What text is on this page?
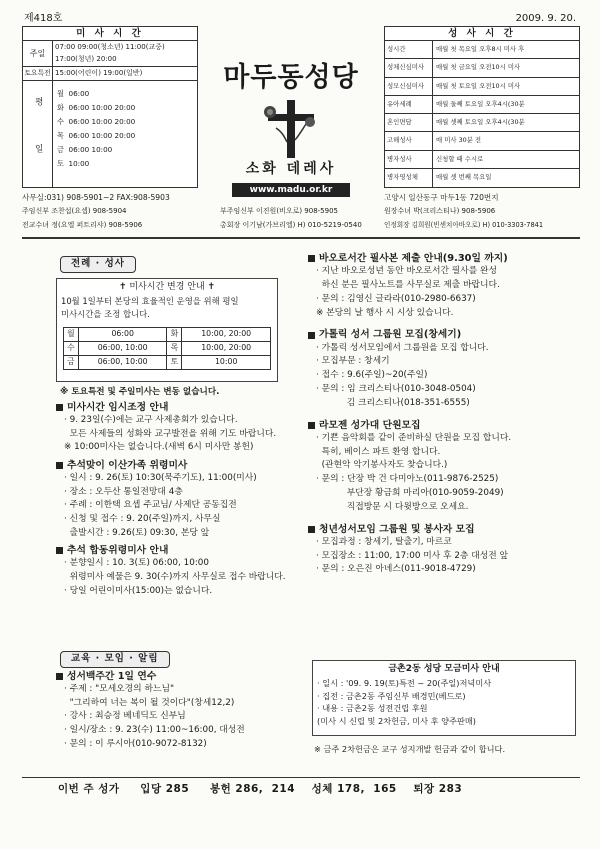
제418호	2009. 9. 20.
미 사 시 간
주일
07:00 09:00(청소년) 11:00(교중)
17:00(청년) 20:00
토요특전 15:00(어린이) 19:00(일반)
평 일
월 06:00
화 06:00 10:00 20:00
수 06:00 10:00 20:00
목 06:00 10:00 20:00
금 06:00 10:00
토 10:00
마두동성당
소화 데레사
www.madu.or.kr
성 사 시 간
성시간	매월 첫 목요일 오후8시 미사 후
성체신심미사	매월 첫 금요일 오전10시 미사
성모신심미사	매월 첫 토요일 오전10시 미사
유아세례	매월 둘째 토요일 오후4시(30분
혼인면담	매월 셋째 토요일 오후4시(30분
고해성사	매 미사 30분 전
병자성사	신청할 때 수시로
병자영성체	매월 셋 번째 목요일
사무실:031) 908-5901~2 FAX:908-5903	고양시 일산동구 마두1동 720번지
주임신부 조찬섭(요셉) 908-5904	부주임신부 이진원(비오로) 908-5905	원장수녀 박(크리스티나) 908-5906
전교수녀 정(요엘 퍼트리샤) 908-5906	총회장 이기남(가브리엘) H) 010-5219-0540	인정회장 김희원(빈센치아바오로) H) 010-3303-7841
전례 · 성사
✝ 미사시간 변경 안내 ✝
10월 1일부터 본당의 효율적인 운영을 위해 평일
미사시간을 조정 합니다.
월	06:00	화	10:00, 20:00
수	06:00, 10:00	목	10:00, 20:00
금	06:00, 10:00	토	10:00
※ 토요특전 및 주일미사는 변동 없습니다.
미사시간 임시조정 안내
· 9. 23일(수)에는 교구 사제총회가 있습니다.
모든 사제들의 성화와 교구발전을 위해 기도 바랍니다.
※ 10:00미사는 없습니다.(새벽 6시 미사만 봉헌)
추석맞이 이산가족 위령미사
· 일시 : 9. 26(토) 10:30(묵주기도), 11:00(미사)
· 장소 : 오두산 통일전망대 4층
· 주례 : 이한택 요셉 주교님/ 사제단 공동집전
· 신청 및 접수 : 9. 20(주일)까지, 사무실
출발시간 : 9.26(토) 09:30, 본당 앞
추석 합동위령미사 안내
· 분향일시 : 10. 3(토) 06:00, 10:00
위령미사 예물은 9. 30(수)까지 사무실로 접수 바랍니다.
· 당일 어린이미사(15:00)는 없습니다.
교육 · 모임 · 알림
성서백주간 1일 연수
· 주제 : "모세오경의 하느님"
"그리하여 너는 복이 될 것이다"(창세12,2)
· 강사 : 최승정 베네딕도 신부님
· 일시/장소 : 9. 23(수) 11:00~16:00, 대성전
· 문의 : 이 루시아(010-9072-8132)
바오로서간 필사본 제출 안내(9.30일 까지)
· 지난 바오로성년 동안 바오로서간 필사를 완성
하신 분은 필사노트를 사무실로 제출 바랍니다.
· 문의 : 김영신 글라라(010-2980-6637)
※ 본당의 날 행사 시 시상 있습니다.
가톨릭 성서 그룹원 모집(창세기)
· 가톨릭 성서모임에서 그룹원을 모집 합니다.
· 모집부문 : 창세기
· 접수 : 9.6(주일)~20(주일)
· 문의 : 임 크리스티나(010-3048-0504)
김 크리스티나(018-351-6555)
라모젠 성가대 단원모집
· 기쁜 음악회를 같이 준비하실 단원을 모집 합니다.
특히, 베이스 파트 환영 합니다.
(관현악 악기봉사자도 찾습니다.)
· 문의 : 단장 박 건 다미아노(011-9876-2525)
부단장 황금희 마리아(010-9059-2049)
직접방문 시 다윗방으로 오세요.
청년성서모임 그룹원 및 봉사자 모집
· 모집과정 : 창세기, 탈출기, 마르코
· 모집장소 : 11:00, 17:00 미사 후 2층 대성전 앞
· 문의 : 오은진 아녜스(011-9018-4729)
금촌2동 성당 모금미사 안내
· 일시 : '09. 9. 19(토)특전 ~ 20(주일)저녁미사
· 집전 : 금촌2동 주임신부 배경민(베드로)
· 내용 : 금촌2동 성전건립 후원
(미사 시 신립 및 2차헌금, 미사 후 양주판매)
※ 금주 2차헌금은 교구 성지개발 헌금과 같이 합니다.
이번 주 성가     입당 285     봉헌 286,  214    성체 178,  165    퇴장 283
